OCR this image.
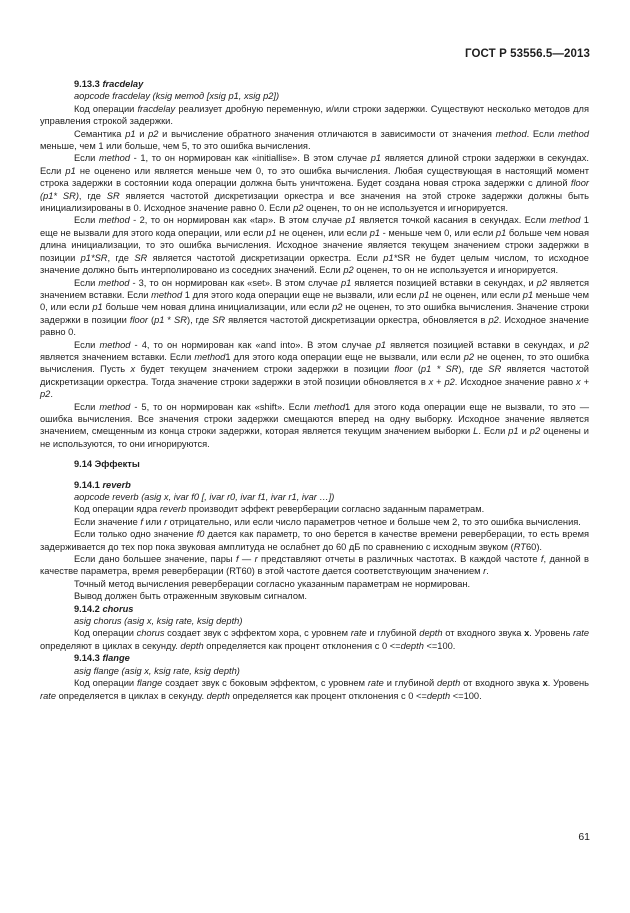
ГОСТ Р 53556.5—2013

9.13.3 fracdelay

aopcode fracdelay (ksig метод [xsig p1, xsig p2])

Код операции fracdelay реализует дробную переменную, и/или строки задержки. Существуют несколько методов для управления строкой задержки.

Семантика p1 и p2 и вычисление обратного значения отличаются в зависимости от значения method. Если method меньше, чем 1 или больше, чем 5, то это ошибка вычисления.

Если method - 1, то он нормирован как «initiallise». В этом случае p1 является длиной строки задержки в секундах. Если p1 не оценено или является меньше чем 0, то это ошибка вычисления. Любая существующая в настоящий момент строка задержки в состоянии кода операции должна быть уничтожена. Будет создана новая строка задержки с длиной floor (p1* SR), где SR является частотой дискретизации оркестра и все значения на этой строке задержки должны быть инициализированы в 0. Исходное значение равно 0. Если p2 оценен, то он не используется и игнорируется.

Если method - 2, то он нормирован как «tap». В этом случае p1 является точкой касания в секундах. Если method 1 еще не вызвали для этого кода операции, или если p1 не оценен, или если p1 - меньше чем 0, или если p1 больше чем новая длина инициализации, то это ошибка вычисления. Исходное значение является текущем значением строки задержки в позиции p1*SR, где SR является частотой дискретизации оркестра. Если p1*SR не будет целым числом, то исходное значение должно быть интерполировано из соседних значений. Если p2 оценен, то он не используется и игнорируется.

Если method - 3, то он нормирован как «set». В этом случае p1 является позицией вставки в секундах, и p2 является значением вставки. Если method 1 для этого кода операции еще не вызвали, или если p1 не оценен, или если p1 меньше чем 0, или если p1 больше чем новая длина инициализации, или если p2 не оценен, то это ошибка вычисления. Значение строки задержки в позиции floor (p1 * SR), где SR является частотой дискретизации оркестра, обновляется в p2. Исходное значение равно 0.

Если method - 4, то он нормирован как «and into». В этом случае p1 является позицией вставки в секундах, и p2 является значением вставки. Если method1 для этого кода операции еще не вызвали, или если p2 не оценен, то это ошибка вычисления. Пусть x будет текущем значением строки задержки в позиции floor (p1 * SR), где SR является частотой дискретизации оркестра. Тогда значение строки задержки в этой позиции обновляется в x + p2. Исходное значение равно x + p2.

Если method - 5, то он нормирован как «shift». Если method1 для этого кода операции еще не вызвали, то это — ошибка вычисления. Все значения строки задержки смещаются вперед на одну выборку. Исходное значение является значением, смещенным из конца строки задержки, которая является текущим значением выборки L. Если p1 и p2 оценены и не используются, то они игнорируются.

9.14 Эффекты

9.14.1 reverb

aopcode reverb (asig x, ivar f0 [, ivar r0, ivar f1, ivar r1, ivar …])

Код операции ядра reverb производит эффект реверберации согласно заданным параметрам.

Если значение f или r отрицательно, или если число параметров четное и больше чем 2, то это ошибка вычисления.

Если только одно значение f0 дается как параметр, то оно берется в качестве времени реверберации, то есть время задерживается до тех пор пока звуковая амплитуда не ослабнет до 60 дБ по сравнению с исходным звуком (RT60).

Если дано большее значение, пары f — r представляют отчеты в различных частотах. В каждой частоте f, данной в качестве параметра, время реверберации (RT60) в этой частоте дается соответствующим значением r.

Точный метод вычисления реверберации согласно указанным параметрам не нормирован.

Вывод должен быть отраженным звуковым сигналом.

9.14.2 chorus

asig chorus (asig x, ksig rate, ksig depth)

Код операции chorus создает звук с эффектом хора, с уровнем rate и глубиной depth от входного звука x. Уровень rate определяют в циклах в секунду. depth определяется как процент отклонения с 0 <=depth <=100.

9.14.3 flange

asig flange (asig x, ksig rate, ksig depth)

Код операции flange создает звук с боковым эффектом, с уровнем rate и глубиной depth от входного звука x. Уровень rate определяется в циклах в секунду. depth определяется как процент отклонения с 0 <=depth <=100.

61
